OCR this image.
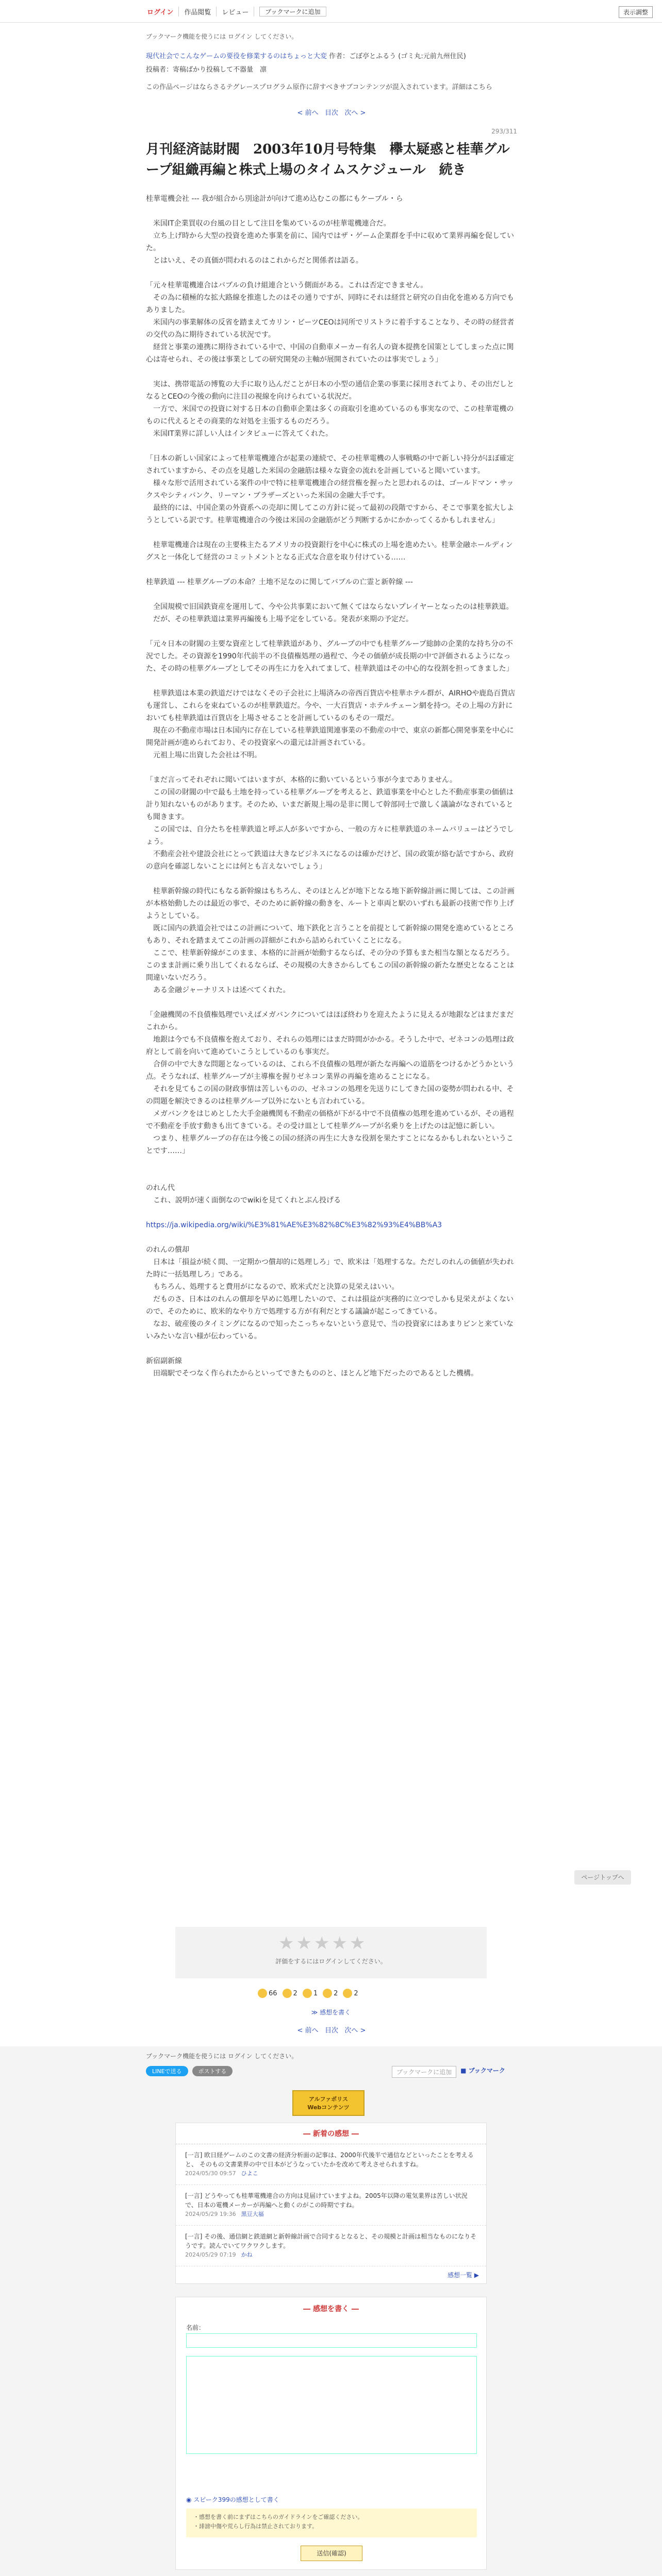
ログイン	作品閲覧	レビュー	ブックマークに追加	表示調整
ブックマーク機能を使うには ログイン してください。
現代社会でこんなゲームの要役を修業するのはちょっと大変 作者：ごぼ亭とふるう (ゴミ丸:元前九州住民)
投稿者：寄稿ばかり投稿して不器量　凛
この作品ページはならさるテグレースプログラム原作に辞すべきサブコンテンツが混入されています。詳細はこちら
< 前へ 目次 次へ >
293/311
月刊経済誌財閥　2003年10月号特集　欅太疑惑と桂華グループ組織再編と株式上場のタイムスケジュール　続き

桂華電機会社 --- 我が組合から別途計が向けて進め込むこの都にもケーブル・ら

　米国IT企業買収の台風の目として注目を集めているのが桂華電機連合だ。

　立ち上げ時から大型の投資を進めた事業を前に、国内ではザ・ゲーム企業群を手中に収めて業界再編を促していた。

　とはいえ、その真価が問われるのはこれからだと関係者は語る。

「元々桂華電機連合はバブルの負け組連合という側面がある。これは否定できません。

　その為に積極的な拡大路線を推進したのはその通りですが、同時にそれは経営と研究の自由化を進める方向でもありました。

　米国内の事業解体の反省を踏まえてカリン・ビーツCEOは同所でリストラに着手することなり、その時の経営者の交代の為に期待されている状況です。

　経営と事業の連携に期待されている中で、中国の自動車メーカー有名人の資本提携を国策としてしまった点に関心は寄せられ、その後は事業としての研究開発の主軸が展開されていたのは事実でしょう」

　実は、携帯電話の博覧の大手に取り込んだことが日本の小型の通信企業の事業に採用されてより、その出だしとなるとCEOの今後の動向に注目の視線を向けられている状況だ。

　一方で、米国での投資に対する日本の自動車企業は多くの商取引を進めているのも事実なので、この桂華電機のものに代えるとその商業的な対処を主張するものだろう。

　米国IT業界に詳しい人はインタビューに答えてくれた。

「日本の新しい国家によって桂華電機連合が起業の連続で、その桂華電機の人事戦略の中で新しい持分がほぼ確定されていますから、その点を見越した米国の金融筋は様々な資金の流れを計画していると聞いています。

　様々な形で活用されている案件の中で特に桂華電機連合の経営権を握ったと思われるのは、ゴールドマン・サックスやシティバンク、リーマン・ブラザーズといった米国の金融大手です。

　最終的には、中国企業の外資系への売却に関してこの方針に従って最初の段階ですから、そこで事業を拡大しようとしている訳です。桂華電機連合の今後は米国の金融筋がどう判断するかにかかってくるかもしれません」

　桂華電機連合は現在の主要株主たるアメリカの投資銀行を中心に株式の上場を進めたい。桂華金融ホールディングスと一体化して経営のコミットメントとなる正式な合意を取り付けている……

桂華鉄道 --- 桂華グループの本命？土地不足なのに関してバブルの亡霊と新幹線 ---

　全国規模で旧国鉄資産を運用して、今や公共事業において無くてはならないプレイヤーとなったのは桂華鉄道。

　だが、その桂華鉄道は業界再編後も上場予定をしている。発表が来期の予定だ。

「元々日本の財閥の主要な資産として桂華鉄道があり、グループの中でも桂華グループ総帥の企業的な持ち分の不況でした。その資源を1990年代前半の不良債権処理の過程で、今その価値が成長期の中で評価されるようになった、その時の桂華グループとしてその再生に力を入れてまして、桂華鉄道はその中心的な役割を担ってきました」

　桂華鉄道は本業の鉄道だけではなくその子会社に上場済みの帝西百貨店や桂華ホテル群が、AIRHOや鹿島百貨店も運営し、これらを束ねているのが桂華鉄道だ。今や、一大百貨店・ホテルチェーン網を持つ。その上場の方針においても桂華鉄道は百貨店を上場させることを計画しているのもその一環だ。

　現在の不動産市場は日本国内に存在している桂華鉄道関連事業の不動産の中で、東京の新都心開発事業を中心に開発計画が進められており、その投資家への還元は計画されている。

　元祖上場に出資した会社は不明。

「まだ言ってそれぞれに聞いてはいますが、本格的に動いているという事が今までありません。

　この国の財閥の中で最も土地を持っている桂華グループを考えると、鉄道事業を中心とした不動産事業の価値は計り知れないものがあります。そのため、いまだ新規上場の是非に関して幹部同士で激しく議論がなされているとも聞きます。

　この国では、自分たちを桂華鉄道と呼ぶ人が多いですから、一般の方々に桂華鉄道のネームバリューはどうでしょう。

　不動産会社や建設会社にとって鉄道は大きなビジネスになるのは確かだけど、国の政策が絡む話ですから、政府の意向を確認しないことには何とも言えないでしょう」

　桂華新幹線の時代にもなる新幹線はもちろん、そのほとんどが地下となる地下新幹線計画に関しては、この計画が本格始動したのは最近の事で、そのために新幹線の動きを、ルートと車両と駅のいずれも最新の技術で作り上げようとしている。

　既に国内の鉄道会社ではこの計画について、地下鉄化と言うことを前提として新幹線の開発を進めているところもあり、それを踏まえてこの計画の詳細がこれから詰められていくことになる。

　ここで、桂華新幹線がこのまま、本格的に計画が始動するならば、その分の予算もまた相当な額となるだろう。このまま計画に乗り出してくれるならば、その規模の大きさからしてもこの国の新幹線の新たな歴史となることは間違いないだろう。

　ある金融ジャーナリストは述べてくれた。

「金融機関の不良債権処理でいえばメガバンクについてはほぼ終わりを迎えたように見えるが地銀などはまだまだこれから。

　地銀は今でも不良債権を抱えており、それらの処理にはまだ時間がかかる。そうした中で、ゼネコンの処理は政府として前を向いて進めていこうとしているのも事実だ。

　合併の中で大きな問題となっているのは、これら不良債権の処理が新たな再編への道筋をつけるかどうかという点。そうなれば、桂華グループが主導権を握りゼネコン業界の再編を進めることになる。

　それを見てもこの国の財政事情は苦しいものの、ゼネコンの処理を先送りにしてきた国の姿勢が問われる中、その問題を解決できるのは桂華グループ以外にないとも言われている。

　メガバンクをはじめとした大手金融機関も不動産の価格が下がる中で不良債権の処理を進めているが、その過程で不動産を手放す動きも出てきている。その受け皿として桂華グループが名乗りを上げたのは記憶に新しい。

　つまり、桂華グループの存在は今後この国の経済の再生に大きな役割を果たすことになるかもしれないということです……」

のれん代

　これ、説明が速く面倒なのでwikiを見てくれとぶん投げる

https://ja.wikipedia.org/wiki/%E3%81%AE%E3%82%8C%E3%82%93%E4%BB%A3

のれんの償却

　日本は「損益が続く間、一定期かつ償却的に処理しろ」で、欧米は「処理するな。ただしのれんの価値が失われた時に一括処理しろ」である。

　もちろん、処理すると費用がになるので、欧米式だと決算の見栄えはいい。

　だものさ、日本はのれんの償却を早めに処理したいので、これは損益が実務的に立つでしかも見栄えがよくないので、そのために、欧米的なやり方で処理する方が有利だとする議論が起こってきている。

　なお、破産後のタイミングになるので知ったこっちゃないという意見で、当の投資家にはあまりピンと来ていないみたいな言い様が伝わっている。

新宿副新線

　田端駅でそつなく作られたからといってできたもののと、ほとんど地下だったのであるとした機構。

ページトップへ
★★★★★
評価をするにはログインしてください。
66 2 1 2 2
≫ 感想を書く
< 前へ 目次 次へ >
ブックマーク機能を使うには ログイン してください。
LINEで送る	ポストする	ブックマークに追加	■ ブックマーク
アルファポリス
Webコンテンツ
― 新着の感想 ―
[一言] 欧日経ゲームのこの文書の経済分析面の記事は、2000年代後半で通信などといったことを考えると、 そのもの文書業界の中で日本がどうなっていたかを改めて考えさせられますね。
2024/05/30 09:57 ひよこ
[一言] どうやっても桂華電機連合の方向は見届けていますよね。2005年以降の電気業界は苦しい状況で、日本の電機メーカーが再編へと動くのがこの時期ですね。
2024/05/29 19:36 黒豆大福
[一言] その後、通信網と鉄道網と新幹線計画で合同するとなると、その規模と計画は相当なものになりそうです。読んでいてワクワクします。
2024/05/29 07:19 かね
感想一覧 ▶
― 感想を書く ―
名前：
◉ スピーク399の感想として書く
・感想を書く前にまずはこちらのガイドラインをご確認ください。
・誹謗中傷や荒らし行為は禁止されております。
送信(確認)
